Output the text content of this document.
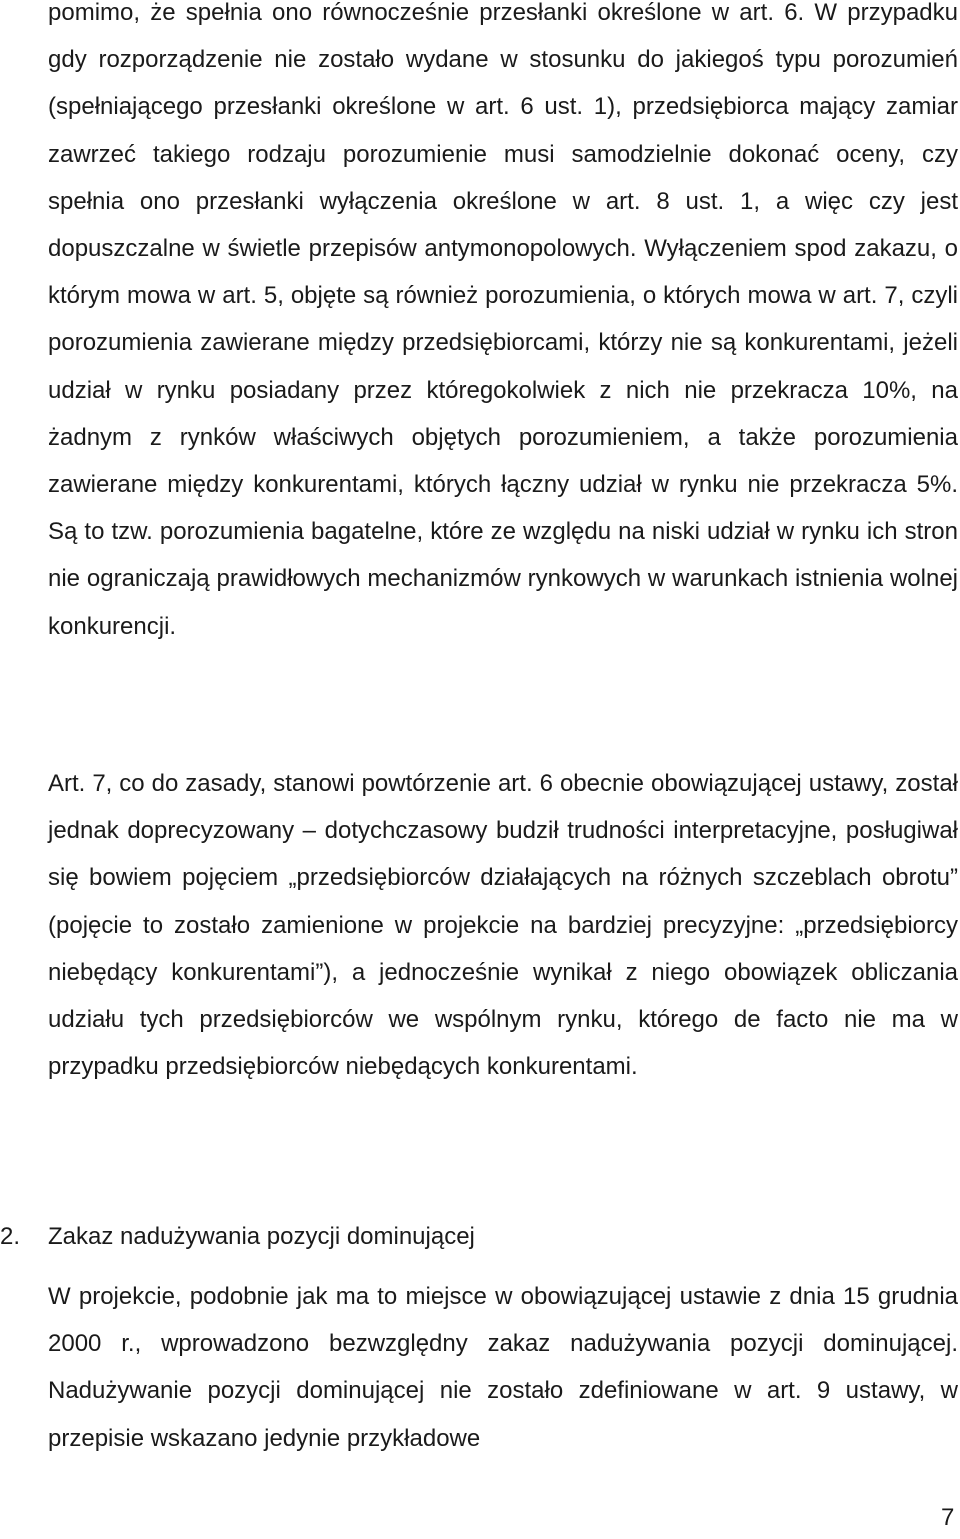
pomimo, że spełnia ono równocześnie przesłanki określone w art. 6. W przypadku gdy rozporządzenie nie zostało wydane w stosunku do jakiegoś typu porozumień (spełniającego przesłanki określone w art. 6 ust. 1), przedsiębiorca mający zamiar zawrzeć takiego rodzaju porozumienie musi samodzielnie dokonać oceny, czy spełnia ono przesłanki wyłączenia określone w art. 8 ust. 1, a więc czy jest dopuszczalne w świetle przepisów antymonopolowych. Wyłączeniem spod zakazu, o którym mowa w art. 5, objęte są również porozumienia, o których mowa w art. 7, czyli porozumienia zawierane między przedsiębiorcami, którzy nie są konkurentami, jeżeli udział w rynku posiadany przez któregokolwiek z nich nie przekracza 10%, na żadnym z rynków właściwych objętych porozumieniem, a także porozumienia zawierane między konkurentami, których łączny udział w rynku nie przekracza 5%. Są to tzw. porozumienia bagatelne, które ze względu na niski udział w rynku ich stron nie ograniczają prawidłowych mechanizmów rynkowych w warunkach istnienia wolnej konkurencji.

Art. 7, co do zasady, stanowi powtórzenie art. 6 obecnie obowiązującej ustawy, został jednak doprecyzowany – dotychczasowy budził trudności interpretacyjne, posługiwał się bowiem pojęciem „przedsiębiorców działających na różnych szczeblach obrotu” (pojęcie to zostało zamienione w projekcie na bardziej precyzyjne: „przedsiębiorcy niebędący konkurentami”), a jednocześnie wynikał z niego obowiązek obliczania udziału tych przedsiębiorców we wspólnym rynku, którego de facto nie ma w przypadku przedsiębiorców niebędących konkurentami.

2. Zakaz nadużywania pozycji dominującej

W projekcie, podobnie jak ma to miejsce w obowiązującej ustawie z dnia 15 grudnia 2000 r., wprowadzono bezwzględny zakaz nadużywania pozycji dominującej. Nadużywanie pozycji dominującej nie zostało zdefiniowane w art. 9 ustawy, w przepisie wskazano jedynie przykładowe

7
